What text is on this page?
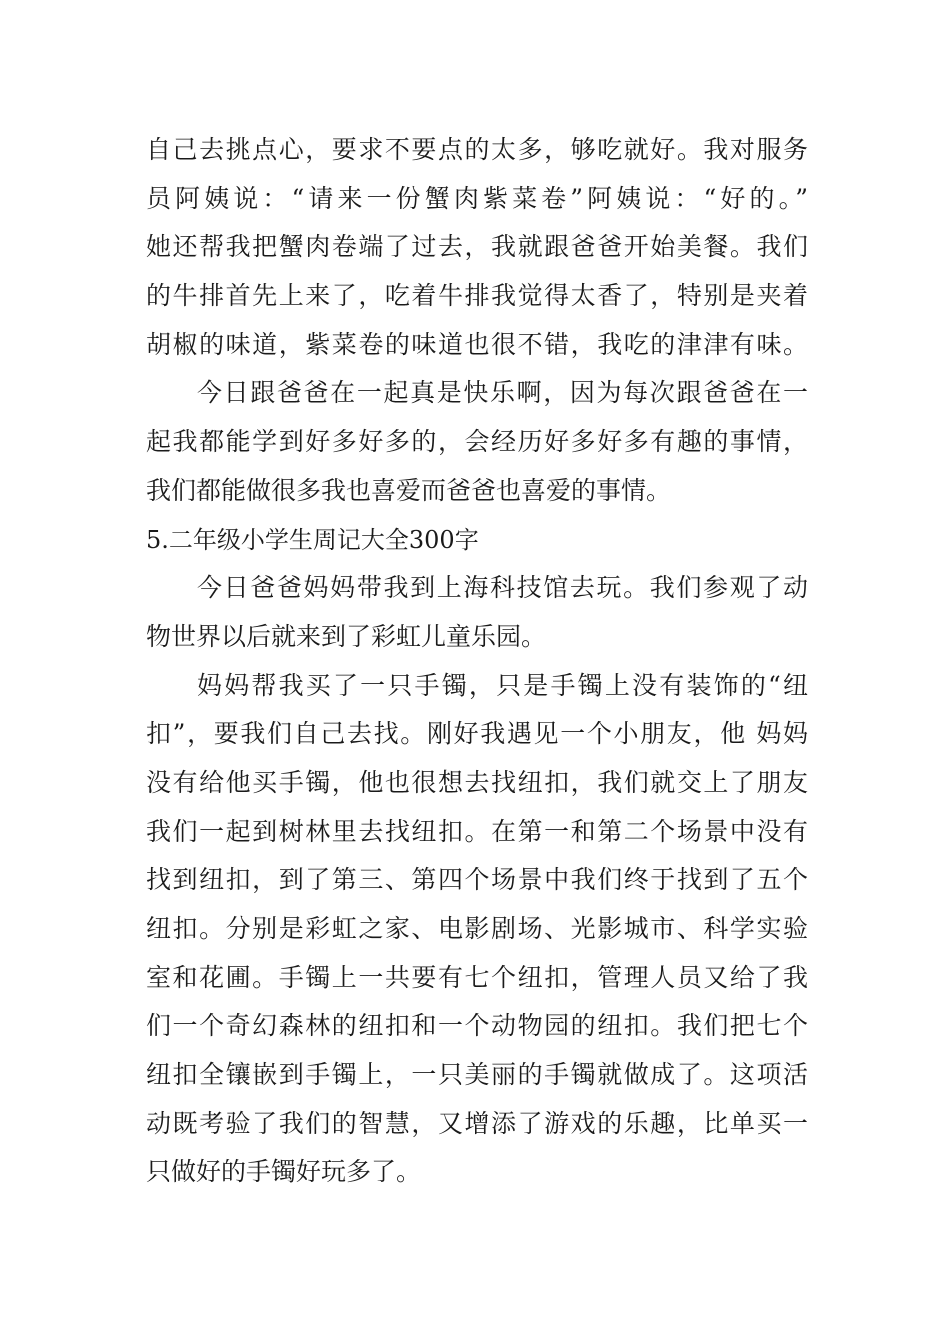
自己去挑点心，要求不要点的太多，够吃就好。我对服务
员阿姨说：“请来一份蟹肉紫菜卷”阿姨说：“好的。”
她还帮我把蟹肉卷端了过去，我就跟爸爸开始美餐。我们
的牛排首先上来了，吃着牛排我觉得太香了，特别是夹着
胡椒的味道，紫菜卷的味道也很不错，我吃的津津有味。
今日跟爸爸在一起真是快乐啊，因为每次跟爸爸在一
起我都能学到好多好多的，会经历好多好多有趣的事情，
我们都能做很多我也喜爱而爸爸也喜爱的事情。
5.二年级小学生周记大全300字
今日爸爸妈妈带我到上海科技馆去玩。我们参观了动
物世界以后就来到了彩虹儿童乐园。
妈妈帮我买了一只手镯，只是手镯上没有装饰的“纽
扣”，要我们自己去找。刚好我遇见一个小朋友，他 妈妈
没有给他买手镯，他也很想去找纽扣，我们就交上了朋友
我们一起到树林里去找纽扣。在第一和第二个场景中没有
找到纽扣，到了第三、第四个场景中我们终于找到了五个
纽扣。分别是彩虹之家、电影剧场、光影城市、科学实验
室和花圃。手镯上一共要有七个纽扣，管理人员又给了我
们一个奇幻森林的纽扣和一个动物园的纽扣。我们把七个
纽扣全镶嵌到手镯上，一只美丽的手镯就做成了。这项活
动既考验了我们的智慧，又增添了游戏的乐趣，比单买一
只做好的手镯好玩多了。
